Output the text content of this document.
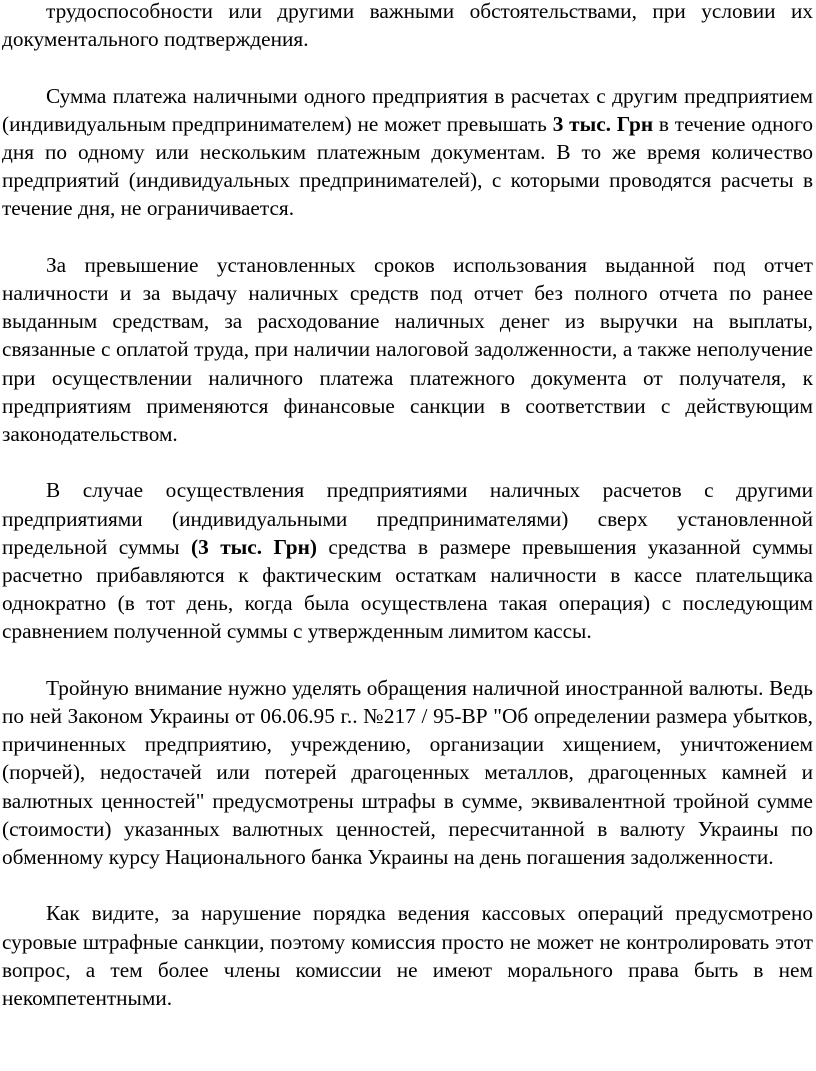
трудоспособности или другими важными обстоятельствами, при условии их документального подтверждения.

Сумма платежа наличными одного предприятия в расчетах с другим предприятием (индивидуальным предпринимателем) не может превышать 3 тыс. Грн в течение одного дня по одному или нескольким платежным документам. В то же время количество предприятий (индивидуальных предпринимателей), с которыми проводятся расчеты в течение дня, не ограничивается.

За превышение установленных сроков использования выданной под отчет наличности и за выдачу наличных средств под отчет без полного отчета по ранее выданным средствам, за расходование наличных денег из выручки на выплаты, связанные с оплатой труда, при наличии налоговой задолженности, а также неполучение при осуществлении наличного платежа платежного документа от получателя, к предприятиям применяются финансовые санкции в соответствии с действующим законодательством.

В случае осуществления предприятиями наличных расчетов с другими предприятиями (индивидуальными предпринимателями) сверх установленной предельной суммы (3 тыс. Грн) средства в размере превышения указанной суммы расчетно прибавляются к фактическим остаткам наличности в кассе плательщика однократно (в тот день, когда была осуществлена такая операция) с последующим сравнением полученной суммы с утвержденным лимитом кассы.

Тройную внимание нужно уделять обращения наличной иностранной валюты. Ведь по ней Законом Украины от 06.06.95 г.. №217 / 95-ВР "Об определении размера убытков, причиненных предприятию, учреждению, организации хищением, уничтожением (порчей), недостачей или потерей драгоценных металлов, драгоценных камней и валютных ценностей" предусмотрены штрафы в сумме, эквивалентной тройной сумме (стоимости) указанных валютных ценностей, пересчитанной в валюту Украины по обменному курсу Национального банка Украины на день погашения задолженности.

Как видите, за нарушение порядка ведения кассовых операций предусмотрено суровые штрафные санкции, поэтому комиссия просто не может не контролировать этот вопрос, а тем более члены комиссии не имеют морального права быть в нем некомпетентными.
